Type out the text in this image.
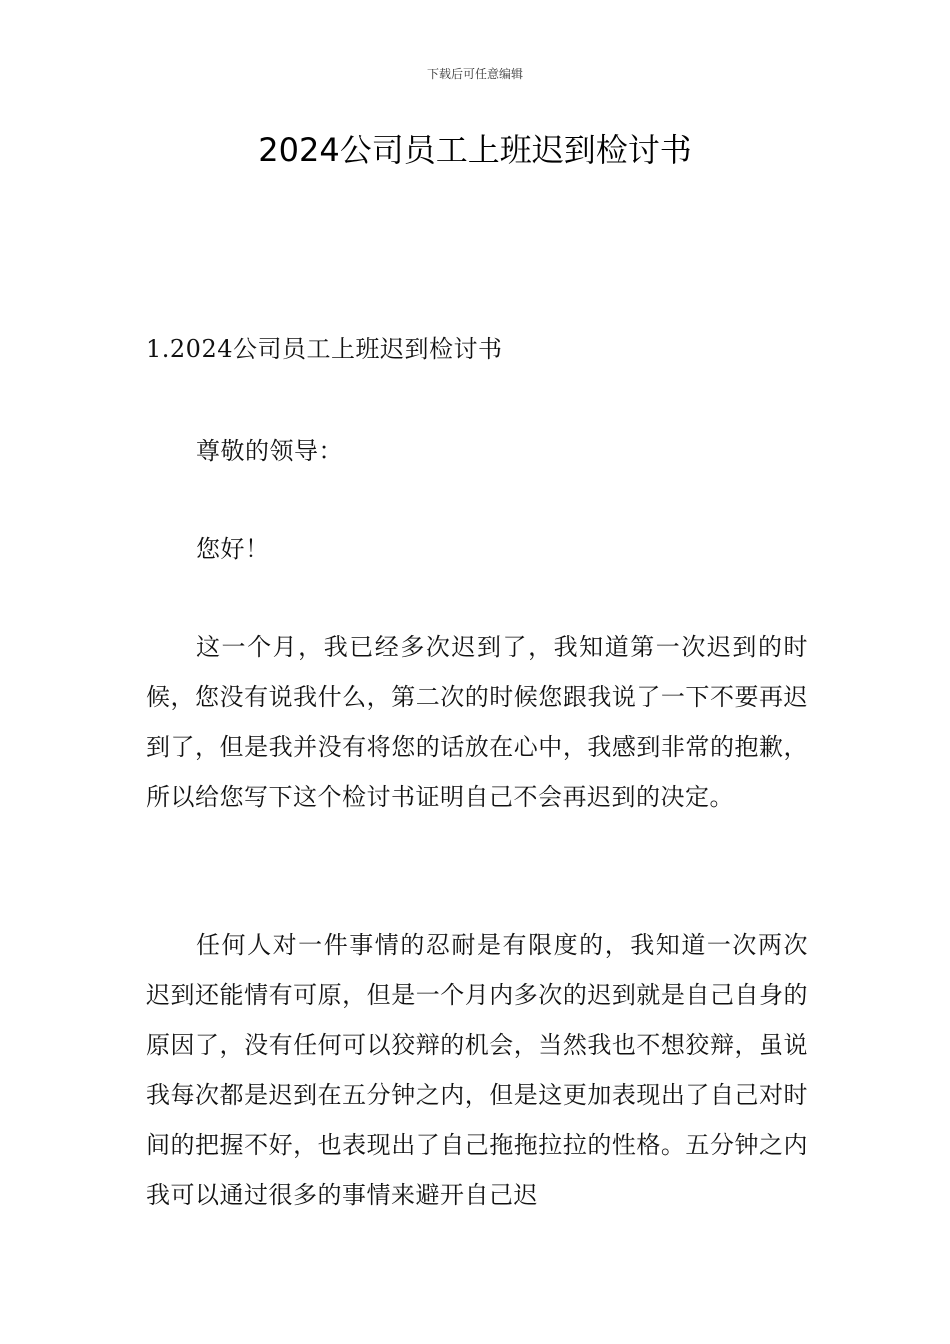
下载后可任意编辑
2024公司员工上班迟到检讨书
1.2024公司员工上班迟到检讨书

尊敬的领导：

您好！

这一个月，我已经多次迟到了，我知道第一次迟到的时候，您没有说我什么，第二次的时候您跟我说了一下不要再迟到了，但是我并没有将您的话放在心中，我感到非常的抱歉，所以给您写下这个检讨书证明自己不会再迟到的决定。

任何人对一件事情的忍耐是有限度的，我知道一次两次迟到还能情有可原，但是一个月内多次的迟到就是自己自身的原因了，没有任何可以狡辩的机会，当然我也不想狡辩，虽说我每次都是迟到在五分钟之内，但是这更加表现出了自己对时间的把握不好，也表现出了自己拖拖拉拉的性格。五分钟之内我可以通过很多的事情来避开自己迟
